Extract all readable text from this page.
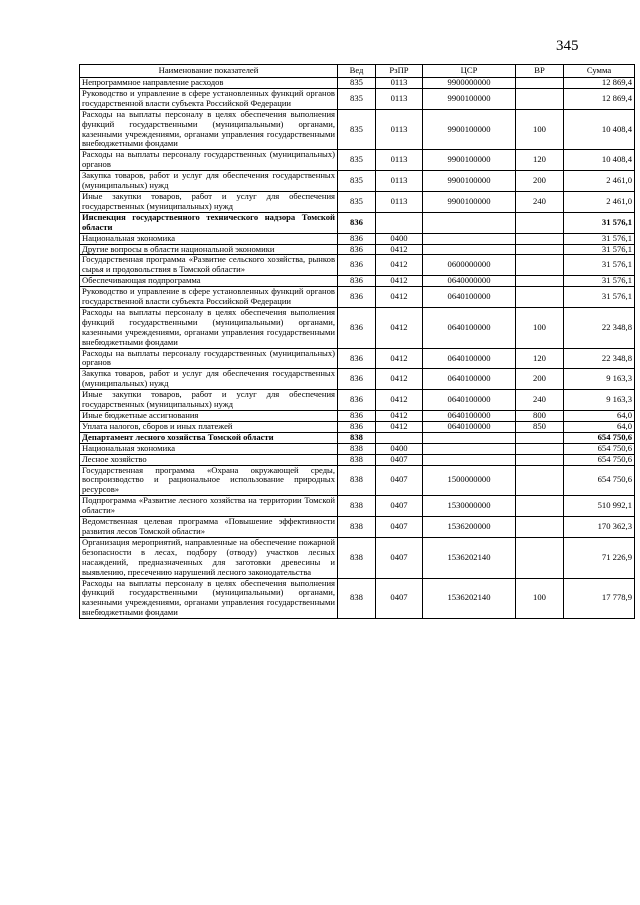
345
Наименование показателей	Вед	РзПР	ЦСР	ВР	Сумма
Непрограммное направление расходов	835	0113	9900000000		12 869,4
Руководство и управление в сфере установленных функций органов государственной власти субъекта Российской Федерации	835	0113	9900100000		12 869,4
Расходы на выплаты персоналу в целях обеспечения выполнения функций государственными (муниципальными) органами, казенными учреждениями, органами управления государственными внебюджетными фондами	835	0113	9900100000	100	10 408,4
Расходы на выплаты персоналу государственных (муниципальных) органов	835	0113	9900100000	120	10 408,4
Закупка товаров, работ и услуг для обеспечения государственных (муниципальных) нужд	835	0113	9900100000	200	2 461,0
Иные закупки товаров, работ и услуг для обеспечения государственных (муниципальных) нужд	835	0113	9900100000	240	2 461,0
Инспекция государственного технического надзора Томской области	836				31 576,1
Национальная экономика	836	0400			31 576,1
Другие вопросы в области национальной экономики	836	0412			31 576,1
Государственная программа «Развитие сельского хозяйства, рынков сырья и продовольствия в Томской области»	836	0412	0600000000		31 576,1
Обеспечивающая подпрограмма	836	0412	0640000000		31 576,1
Руководство и управление в сфере установленных функций органов государственной власти субъекта Российской Федерации	836	0412	0640100000		31 576,1
Расходы на выплаты персоналу в целях обеспечения выполнения функций государственными (муниципальными) органами, казенными учреждениями, органами управления государственными внебюджетными фондами	836	0412	0640100000	100	22 348,8
Расходы на выплаты персоналу государственных (муниципальных) органов	836	0412	0640100000	120	22 348,8
Закупка товаров, работ и услуг для обеспечения государственных (муниципальных) нужд	836	0412	0640100000	200	9 163,3
Иные закупки товаров, работ и услуг для обеспечения государственных (муниципальных) нужд	836	0412	0640100000	240	9 163,3
Иные бюджетные ассигнования	836	0412	0640100000	800	64,0
Уплата налогов, сборов и иных платежей	836	0412	0640100000	850	64,0
Департамент лесного хозяйства Томской области	838				654 750,6
Национальная экономика	838	0400			654 750,6
Лесное хозяйство	838	0407			654 750,6
Государственная программа «Охрана окружающей среды, воспроизводство и рациональное использование природных ресурсов»	838	0407	1500000000		654 750,6
Подпрограмма «Развитие лесного хозяйства на территории Томской области»	838	0407	1530000000		510 992,1
Ведомственная целевая программа «Повышение эффективности развития лесов Томской области»	838	0407	1536200000		170 362,3
Организация мероприятий, направленные на обеспечение пожарной безопасности в лесах, подбору (отводу) участков лесных насаждений, предназначенных для заготовки древесины и выявлению, пресечению нарушений лесного законодательства	838	0407	1536202140		71 226,9
Расходы на выплаты персоналу в целях обеспечения выполнения функций государственными (муниципальными) органами, казенными учреждениями, органами управления государственными внебюджетными фондами	838	0407	1536202140	100	17 778,9
